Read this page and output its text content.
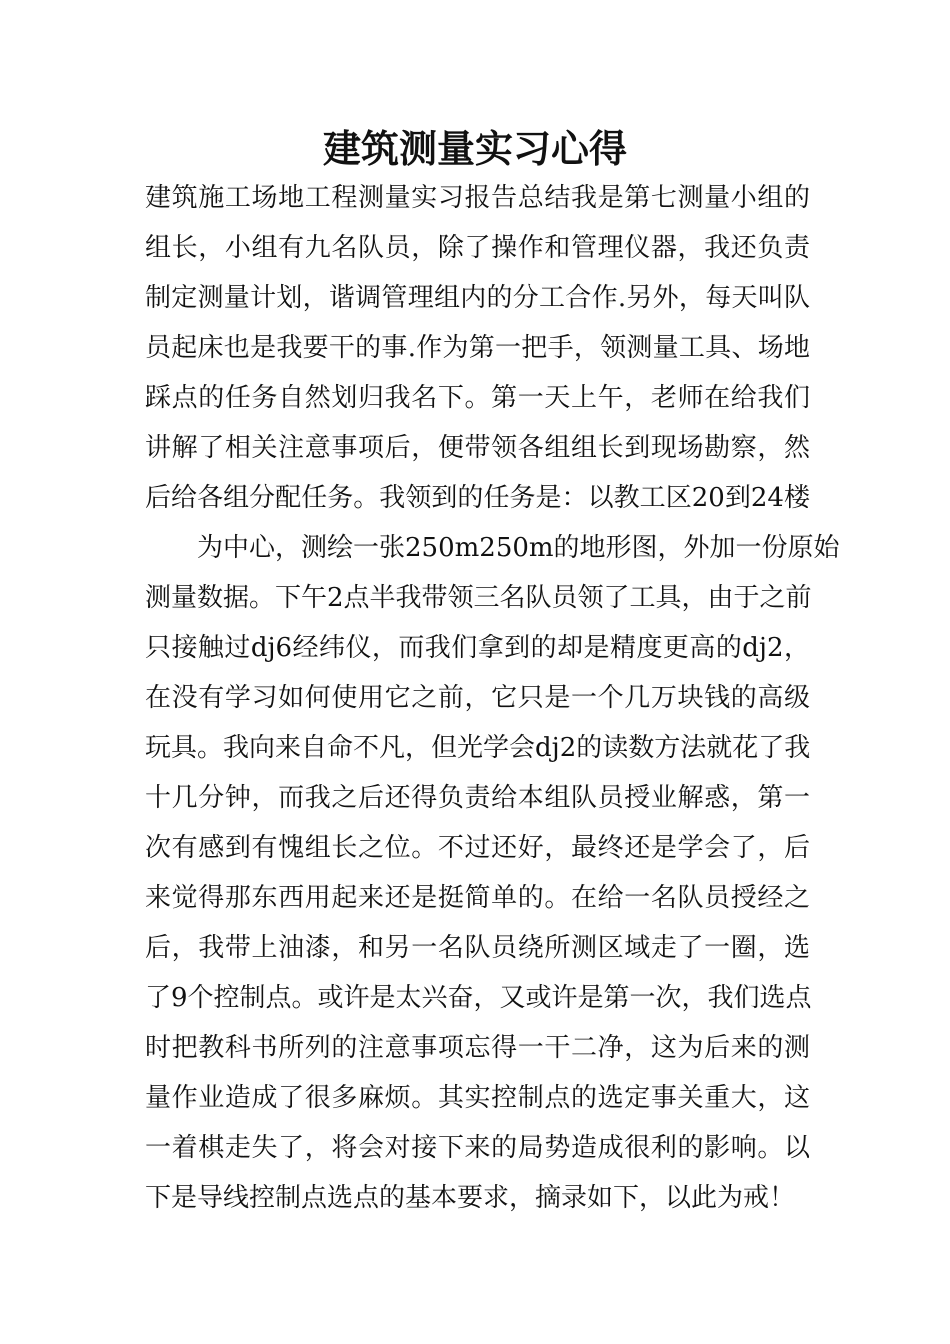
建筑测量实习心得
建筑施工场地工程测量实习报告总结我是第七测量小组的
组长，小组有九名队员，除了操作和管理仪器，我还负责
制定测量计划，谐调管理组内的分工合作.另外，每天叫队
员起床也是我要干的事.作为第一把手，领测量工具、场地
踩点的任务自然划归我名下。第一天上午，老师在给我们
讲解了相关注意事项后，便带领各组组长到现场勘察，然
后给各组分配任务。我领到的任务是：以教工区20到24楼
为中心，测绘一张250m250m的地形图，外加一份原始
测量数据。下午2点半我带领三名队员领了工具，由于之前
只接触过dj6经纬仪，而我们拿到的却是精度更高的dj2，
在没有学习如何使用它之前，它只是一个几万块钱的高级
玩具。我向来自命不凡，但光学会dj2的读数方法就花了我
十几分钟，而我之后还得负责给本组队员授业解惑，第一
次有感到有愧组长之位。不过还好，最终还是学会了，后
来觉得那东西用起来还是挺简单的。在给一名队员授经之
后，我带上油漆，和另一名队员绕所测区域走了一圈，选
了9个控制点。或许是太兴奋，又或许是第一次，我们选点
时把教科书所列的注意事项忘得一干二净，这为后来的测
量作业造成了很多麻烦。其实控制点的选定事关重大，这
一着棋走失了，将会对接下来的局势造成很利的影响。以
下是导线控制点选点的基本要求，摘录如下，以此为戒！
